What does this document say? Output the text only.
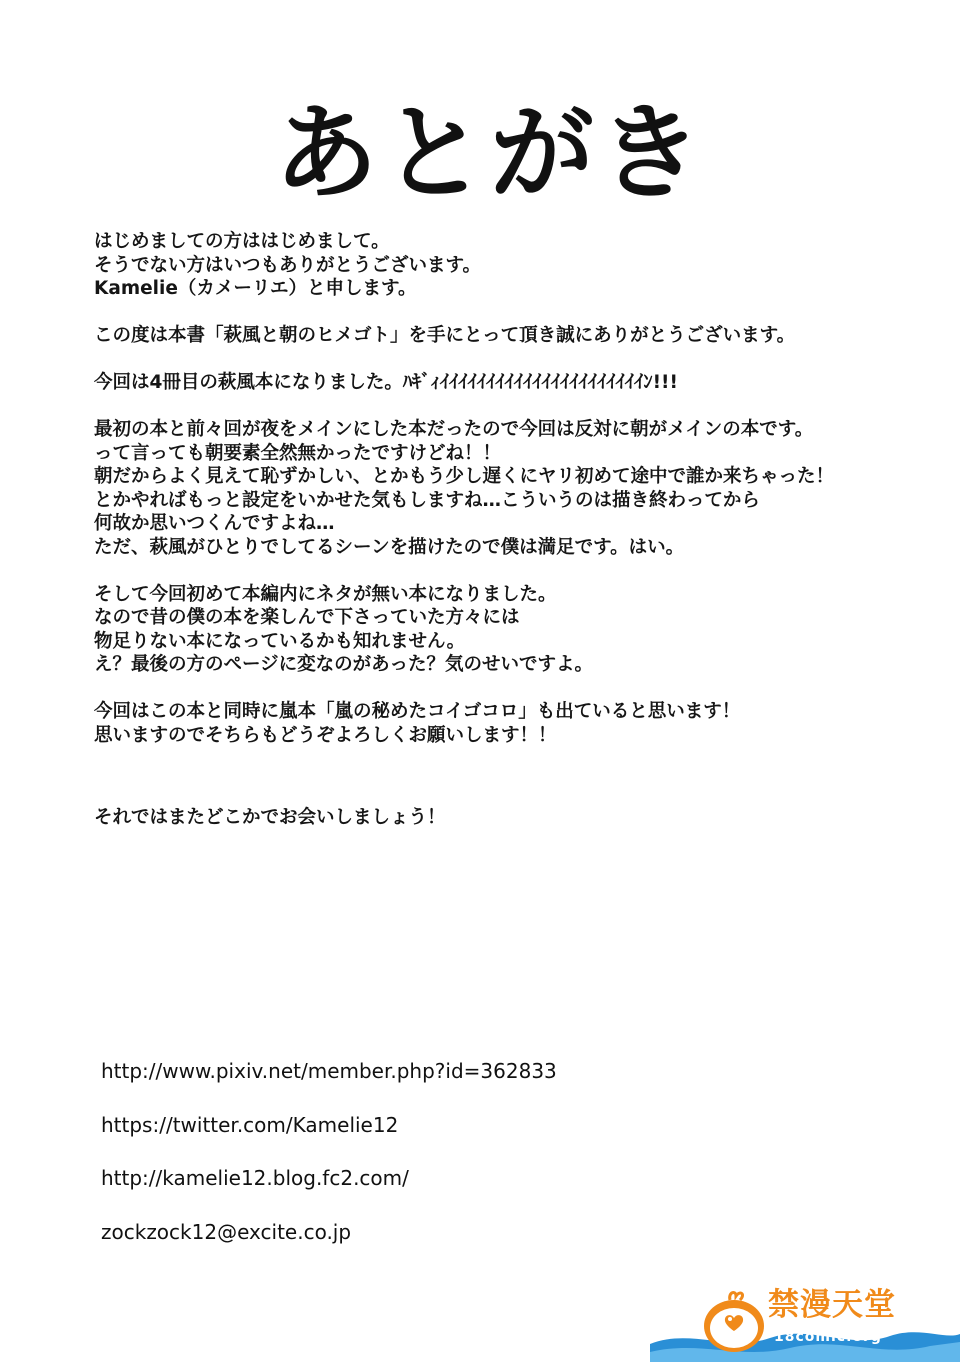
あとがき
はじめましての方ははじめまして。
そうでない方はいつもありがとうございます。
Kamelie（カメーリエ）と申します。
この度は本書「萩風と朝のヒメゴト」を手にとって頂き誠にありがとうございます。
今回は4冊目の萩風本になりました。ﾊｷﾞｨｲｲｲｲｲｲｲｲｲｲｲｲｲｲｲｲｲｲｲｲｲｲﾝ!!!
最初の本と前々回が夜をメインにした本だったので今回は反対に朝がメインの本です。
って言っても朝要素全然無かったですけどね！！
朝だからよく見えて恥ずかしい、とかもう少し遅くにヤリ初めて途中で誰か来ちゃった！
とかやればもっと設定をいかせた気もしますね…こういうのは描き終わってから
何故か思いつくんですよね…
ただ、萩風がひとりでしてるシーンを描けたので僕は満足です。はい。
そして今回初めて本編内にネタが無い本になりました。
なので昔の僕の本を楽しんで下さっていた方々には
物足りない本になっているかも知れません。
え？最後の方のページに変なのがあった？気のせいですよ。
今回はこの本と同時に嵐本「嵐の秘めたコイゴコロ」も出ていると思います！
思いますのでそちらもどうぞよろしくお願いします！！
それではまたどこかでお会いしましょう！
http://www.pixiv.net/member.php?id=362833
https://twitter.com/Kamelie12
http://kamelie12.blog.fc2.com/
zockzock12@excite.co.jp
禁漫天堂
18comic.org
